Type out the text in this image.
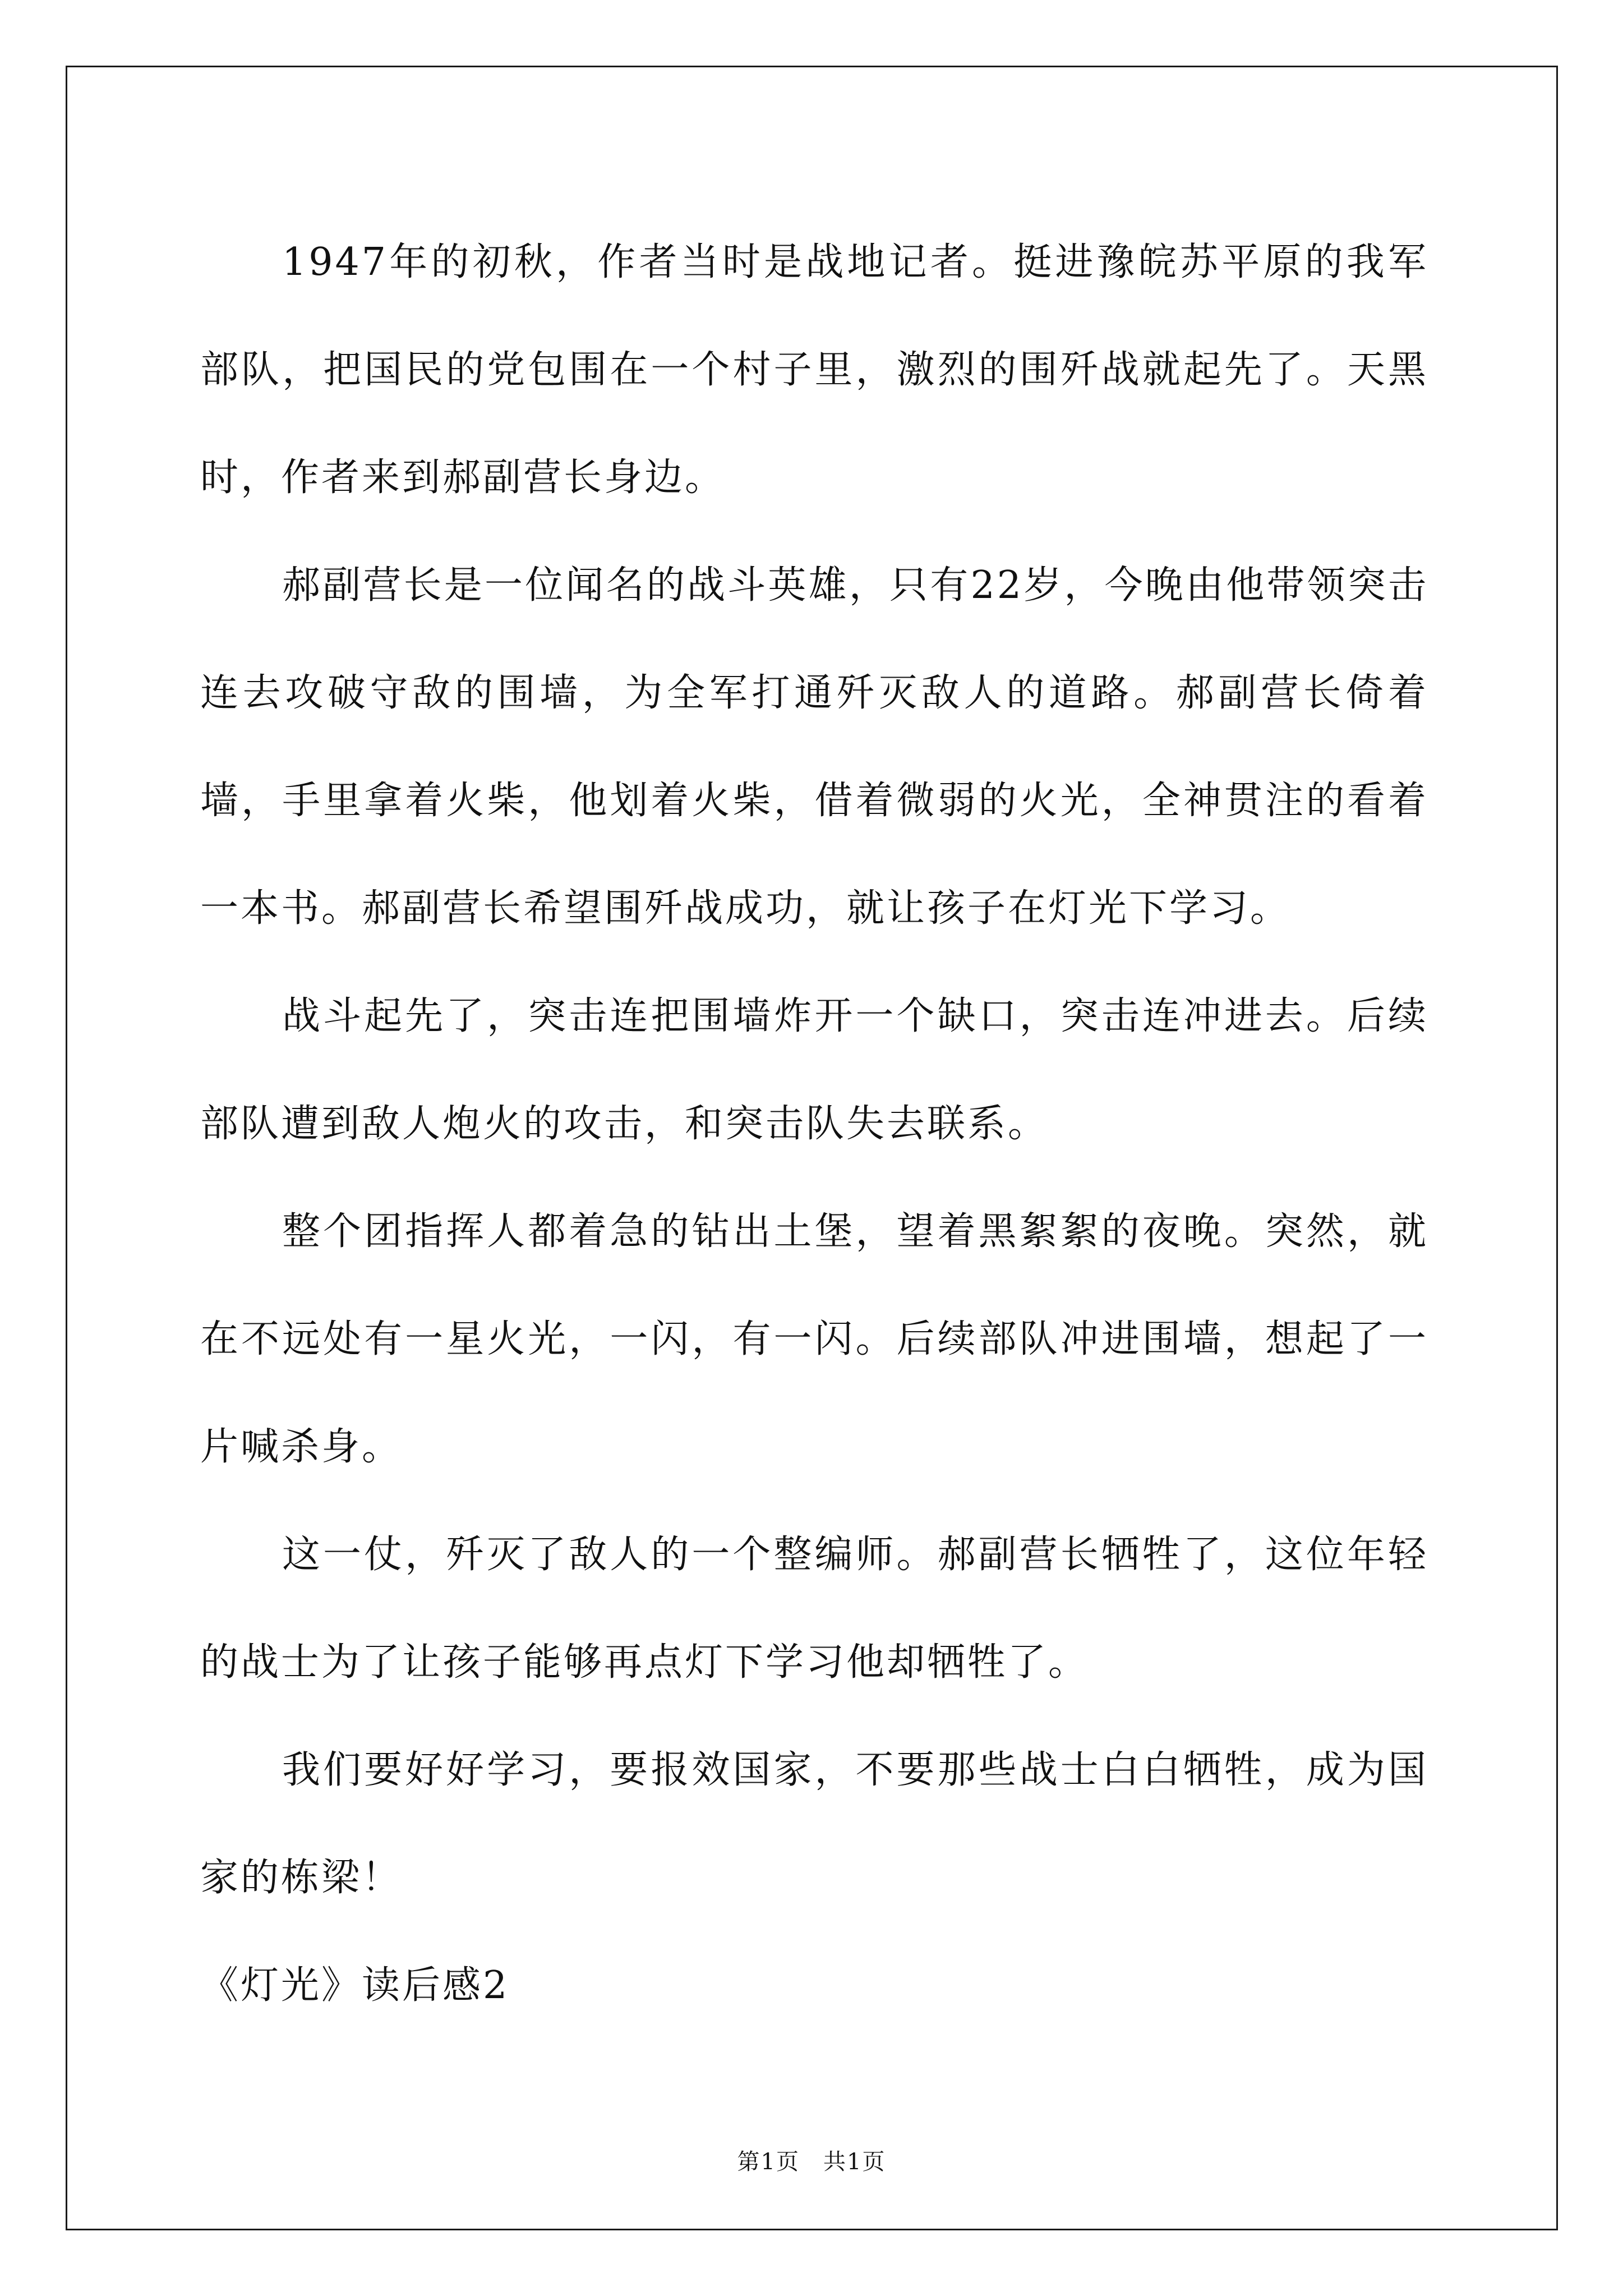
1947年的初秋，作者当时是战地记者。挺进豫皖苏平原的我军部队，把国民的党包围在一个村子里，激烈的围歼战就起先了。天黑时，作者来到郝副营长身边。

郝副营长是一位闻名的战斗英雄，只有22岁，今晚由他带领突击连去攻破守敌的围墙，为全军打通歼灭敌人的道路。郝副营长倚着墙，手里拿着火柴，他划着火柴，借着微弱的火光，全神贯注的看着一本书。郝副营长希望围歼战成功，就让孩子在灯光下学习。

战斗起先了，突击连把围墙炸开一个缺口，突击连冲进去。后续部队遭到敌人炮火的攻击，和突击队失去联系。

整个团指挥人都着急的钻出土堡，望着黑絮絮的夜晚。突然，就在不远处有一星火光，一闪，有一闪。后续部队冲进围墙，想起了一片喊杀身。

这一仗，歼灭了敌人的一个整编师。郝副营长牺牲了，这位年轻的战士为了让孩子能够再点灯下学习他却牺牲了。

我们要好好学习，要报效国家，不要那些战士白白牺牲，成为国家的栋梁！

《灯光》读后感2

第1页　共1页
